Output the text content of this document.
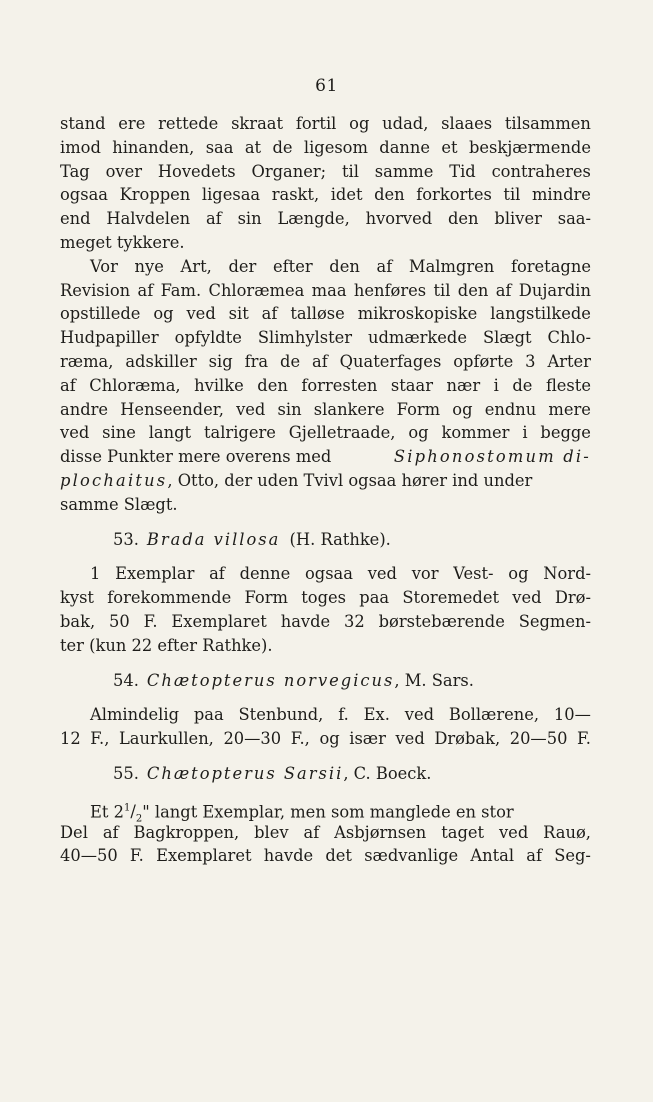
61
stand ere rettede skraat fortil og udad, slaaes tilsammen
imod hinanden, saa at de ligesom danne et beskjærmende
Tag over Hovedets Organer; til samme Tid contraheres
ogsaa Kroppen ligesaa raskt, idet den forkortes til mindre
end Halvdelen af sin Længde, hvorved den bliver saa-
meget tykkere.
Vor nye Art, der efter den af Malmgren foretagne
Revision af Fam. Chloræmea maa henføres til den af Dujardin
opstillede og ved sit af talløse mikroskopiske langstilkede
Hudpapiller opfyldte Slimhylster udmærkede Slægt Chlo-
ræma, adskiller sig fra de af Quaterfages opførte 3 Arter
af Chloræma, hvilke den forresten staar nær i de fleste
andre Henseender, ved sin slankere Form og endnu mere
ved sine langt talrigere Gjelletraade, og kommer i begge
disse Punkter mere overens med	Siphonostomum di-
plochaitus, Otto, der uden Tvivl ogsaa hører ind under
samme Slægt.
53. Brada villosa (H. Rathke).
1 Exemplar af denne ogsaa ved vor Vest- og Nord-
kyst forekommende Form toges paa Storemedet ved Drø-
bak, 50 F. Exemplaret havde 32 børstebærende Segmen-
ter (kun 22 efter Rathke).
54. Chætopterus norvegicus, M. Sars.
Almindelig paa Stenbund, f. Ex. ved Bollærene, 10—
12 F., Laurkullen, 20—30 F., og især ved Drøbak, 20—50 F.
55. Chætopterus Sarsii, C. Boeck.
Et $2^1/_2$" langt Exemplar, men som manglede en stor
Del af Bagkroppen, blev af Asbjørnsen taget ved Rauø,
40—50 F. Exemplaret havde det sædvanlige Antal af Seg-
